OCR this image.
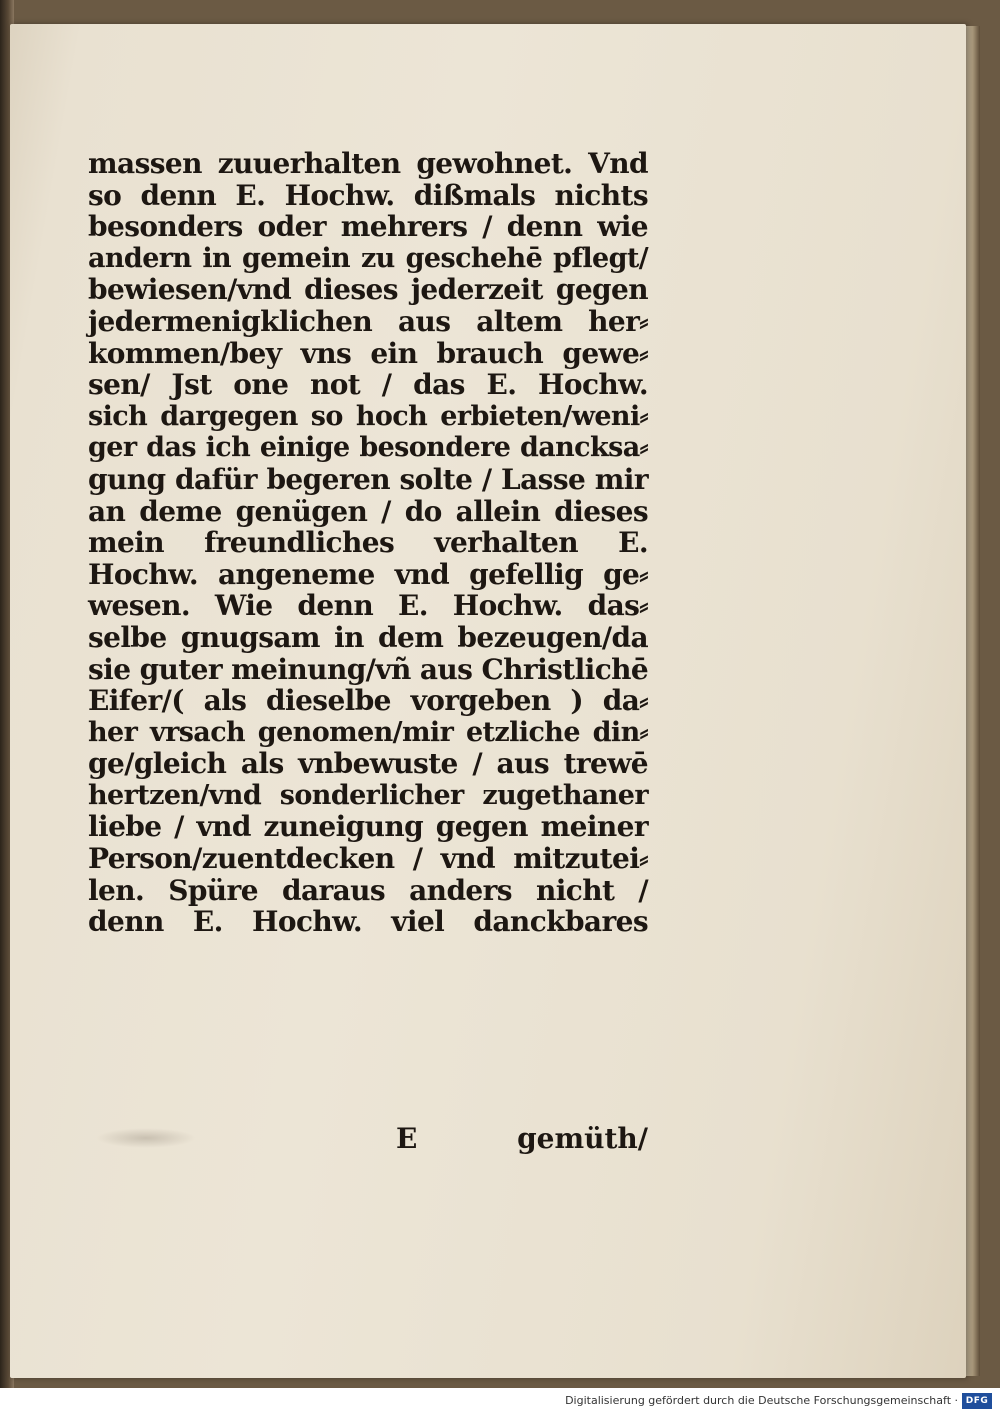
massen zuuerhalten gewohnet. Vnd
so denn E. Hochw. dißmals nichts
besonders oder mehrers / denn wie
andern in gemein zu geschehē pflegt/
bewiesen/vnd dieses jederzeit gegen
jedermenigklichen aus altem her⸗
kommen/bey vns ein brauch gewe⸗
sen/ Jst one not / das E. Hochw.
sich dargegen so hoch erbieten/weni⸗
ger das ich einige besondere dancksa⸗
gung dafür begeren solte / Lasse mir
an deme genügen / do allein dieses
mein freundliches verhalten E.
Hochw. angeneme vnd gefellig ge⸗
wesen. Wie denn E. Hochw. das⸗
selbe gnugsam in dem bezeugen/da
sie guter meinung/vñ aus Christlichē
Eifer/( als dieselbe vorgeben ) da⸗
her vrsach genomen/mir etzliche din⸗
ge/gleich als vnbewuste / aus trewē
hertzen/vnd sonderlicher zugethaner
liebe / vnd zuneigung gegen meiner
Person/zuentdecken / vnd mitzutei⸗
len. Spüre daraus anders nicht /
denn E. Hochw. viel danckbares
E	gemüth/
Digitalisierung gefördert durch die Deutsche Forschungsgemeinschaft · DFG
